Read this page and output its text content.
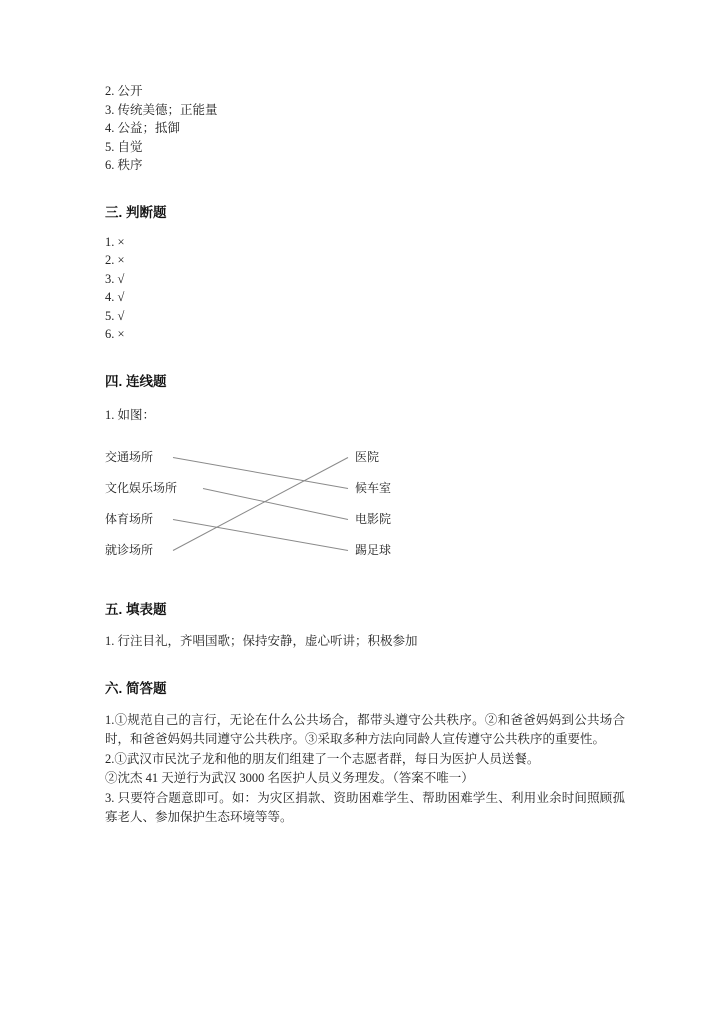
2. 公开
3. 传统美德；正能量
4. 公益；抵御
5. 自觉
6. 秩序
三. 判断题
1. ×
2. ×
3. √
4. √
5. √
6. ×
四. 连线题
1. 如图：
交通场所
文化娱乐场所
体育场所
就诊场所
医院
候车室
电影院
踢足球
五. 填表题
1. 行注目礼，齐唱国歌；保持安静，虚心听讲；积极参加
六. 简答题
1.①规范自己的言行，无论在什么公共场合，都带头遵守公共秩序。②和爸爸妈妈到公共场合时，和爸爸妈妈共同遵守公共秩序。③采取多种方法向同龄人宣传遵守公共秩序的重要性。
2.①武汉市民沈子龙和他的朋友们组建了一个志愿者群，每日为医护人员送餐。
②沈杰 41 天逆行为武汉 3000 名医护人员义务理发。（答案不唯一）
3. 只要符合题意即可。如：为灾区捐款、资助困难学生、帮助困难学生、利用业余时间照顾孤寡老人、参加保护生态环境等等。
